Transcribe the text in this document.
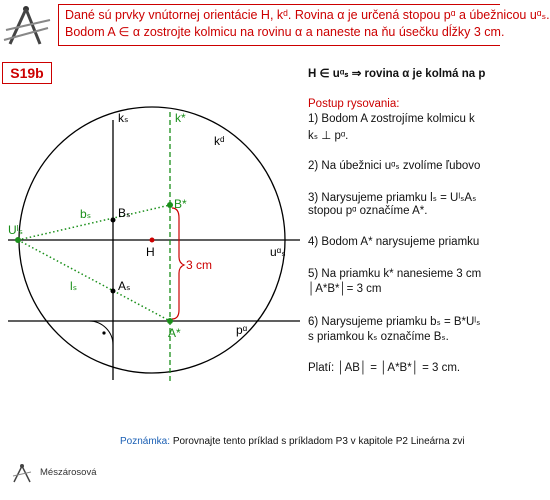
Dané sú prvky vnútornej orientácie H, kᵈ. Rovina α je určená stopou pᵅ a úbežnicou uᵅₛ.
Bodom A ∈ α zostrojte kolmicu na rovinu α a naneste na ňu úsečku dĺžky 3 cm.
S19b
kₛ	k*
kᵈ
bₛ Bₛ
B*
Uˡₛ
H	uᵅₛ
lₛ	Aₛ
3 cm
A*	pᵅ
H ∈ uᵅₛ ⇒ rovina α je kolmá na p
Postup rysovania:
1) Bodom A zostrojíme kolmicu k
kₛ ⊥ pᵅ.
2) Na úbežnici uᵅₛ zvolíme ľubovo
3) Narysujeme priamku lₛ = UˡₛAₛ
stopou pᵅ označíme A*.
4) Bodom A* narysujeme priamku
5) Na priamku k* nanesieme 3 cm
│A*B*│= 3 cm
6) Narysujeme priamku bₛ = B*Uˡₛ
s priamkou kₛ označíme Bₛ.
Platí: │AB│ = │A*B*│ = 3 cm.
Poznámka: Porovnajte tento príklad s príkladom P3 v kapitole P2 Lineárna zvi
Mészárosová
